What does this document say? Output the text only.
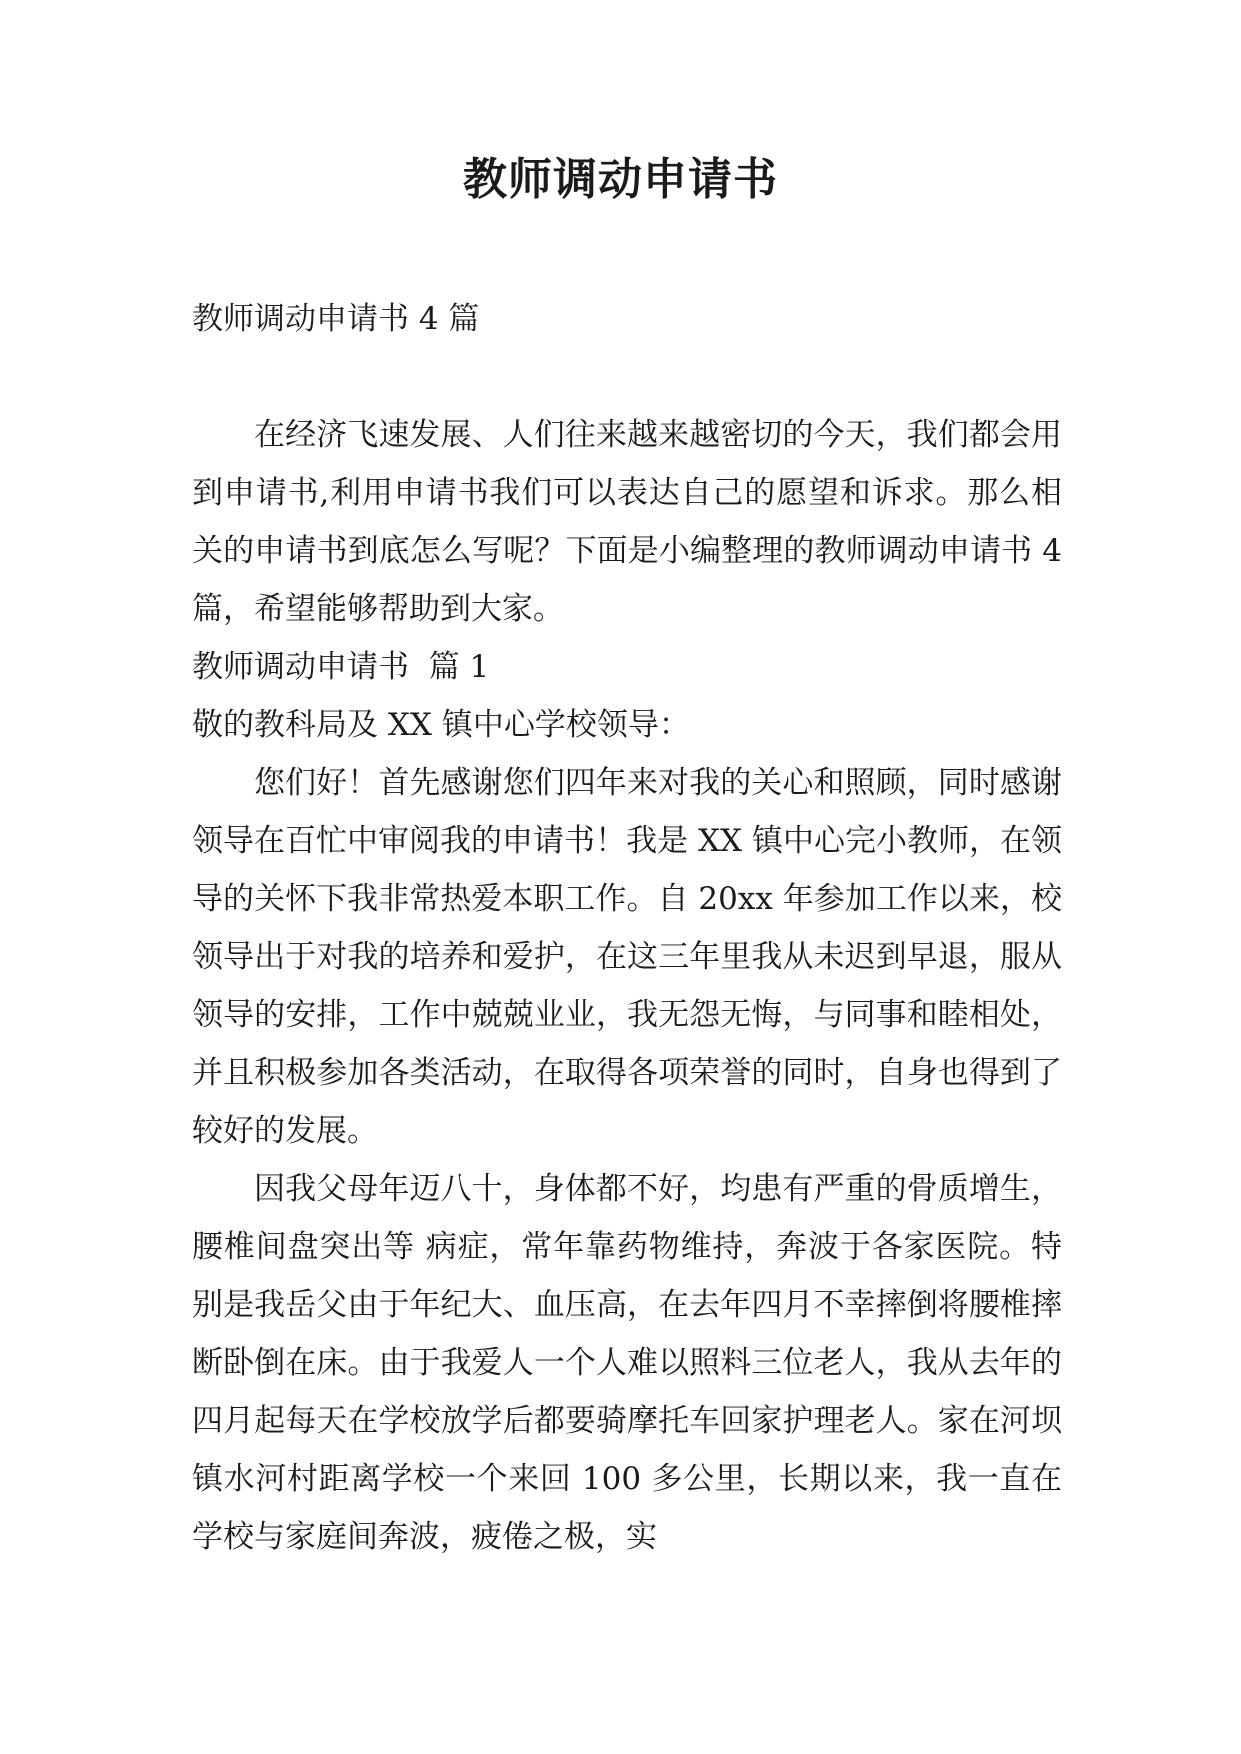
教师调动申请书

教师调动申请书 4 篇

在经济飞速发展、人们往来越来越密切的今天，我们都会用到申请书,利用申请书我们可以表达自己的愿望和诉求。那么相关的申请书到底怎么写呢？下面是小编整理的教师调动申请书 4 篇，希望能够帮助到大家。

教师调动申请书  篇 1

敬的教科局及 XX 镇中心学校领导：

您们好！首先感谢您们四年来对我的关心和照顾，同时感谢领导在百忙中审阅我的申请书！我是 XX 镇中心完小教师，在领导的关怀下我非常热爱本职工作。自 20xx 年参加工作以来，校领导出于对我的培养和爱护，在这三年里我从未迟到早退，服从领导的安排，工作中兢兢业业，我无怨无悔，与同事和睦相处，并且积极参加各类活动，在取得各项荣誉的同时，自身也得到了较好的发展。

因我父母年迈八十，身体都不好，均患有严重的骨质增生，腰椎间盘突出等 病症，常年靠药物维持，奔波于各家医院。特别是我岳父由于年纪大、血压高，在去年四月不幸摔倒将腰椎摔断卧倒在床。由于我爱人一个人难以照料三位老人，我从去年的四月起每天在学校放学后都要骑摩托车回家护理老人。家在河坝镇水河村距离学校一个来回 100 多公里，长期以来，我一直在学校与家庭间奔波，疲倦之极，实
